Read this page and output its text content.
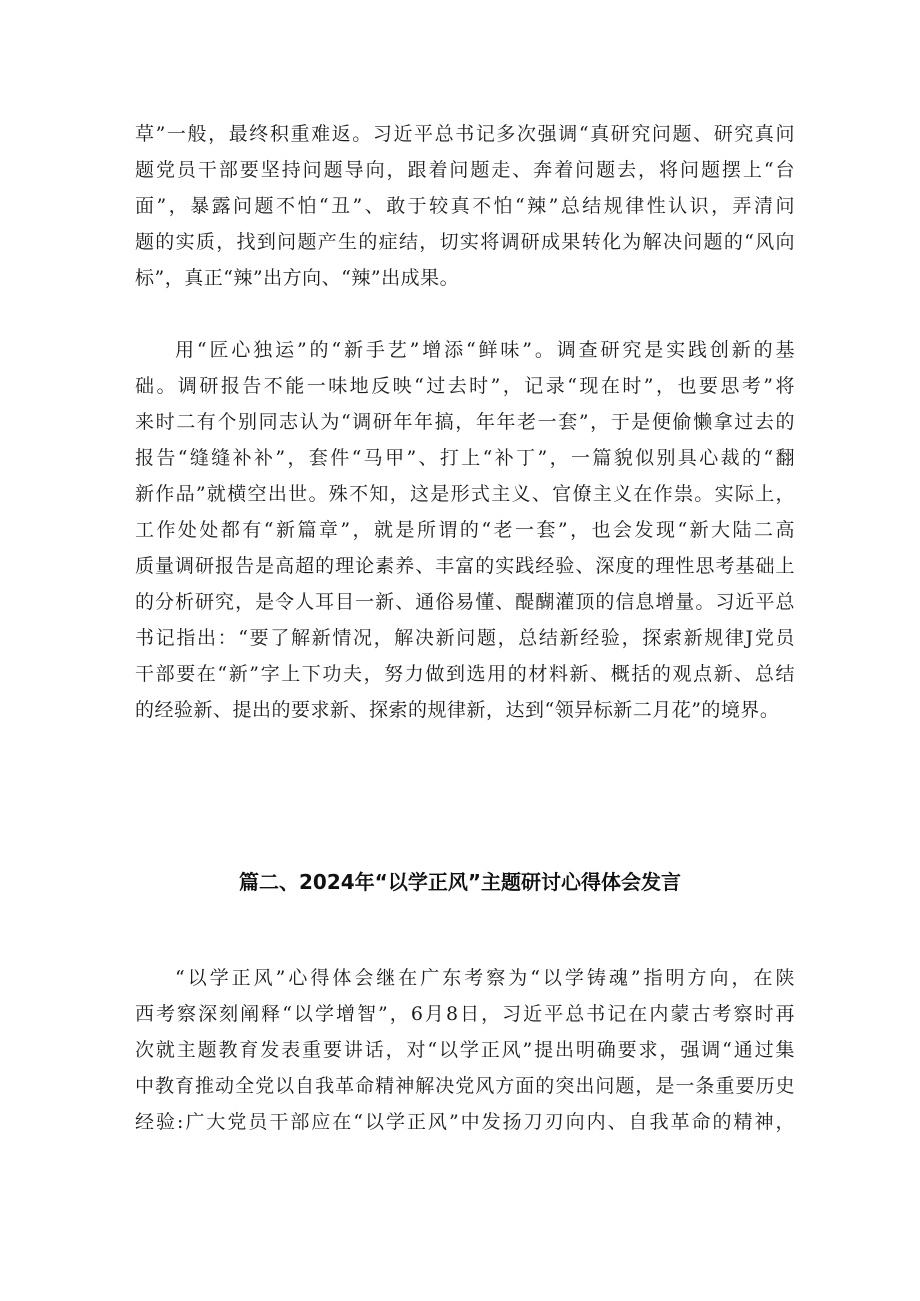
草”一般，最终积重难返。习近平总书记多次强调“真研究问题、研究真问
题党员干部要坚持问题导向，跟着问题走、奔着问题去，将问题摆上“台
面”，暴露问题不怕“丑”、敢于较真不怕“辣”总结规律性认识，弄清问
题的实质，找到问题产生的症结，切实将调研成果转化为解决问题的“风向
标”，真正“辣”出方向、“辣”出成果。
用“匠心独运”的“新手艺”增添“鲜味”。调查研究是实践创新的基
础。调研报告不能一味地反映“过去时”，记录“现在时”，也要思考”将
来时二有个别同志认为“调研年年搞，年年老一套”，于是便偷懒拿过去的
报告“缝缝补补”，套件“马甲”、打上“补丁”，一篇貌似别具心裁的“翻
新作品”就横空出世。殊不知，这是形式主义、官僚主义在作祟。实际上，
工作处处都有“新篇章”，就是所谓的“老一套”，也会发现“新大陆二高
质量调研报告是高超的理论素养、丰富的实践经验、深度的理性思考基础上
的分析研究，是令人耳目一新、通俗易懂、醍醐灌顶的信息增量。习近平总
书记指出：“要了解新情况，解决新问题，总结新经验，探索新规律J党员
干部要在“新”字上下功夫，努力做到选用的材料新、概括的观点新、总结
的经验新、提出的要求新、探索的规律新，达到“领异标新二月花”的境界。
篇二、2024年“以学正风”主题研讨心得体会发言
“以学正风”心得体会继在广东考察为“以学铸魂”指明方向，在陕
西考察深刻阐释“以学增智”，6月8日，习近平总书记在内蒙古考察时再
次就主题教育发表重要讲话，对“以学正风”提出明确要求，强调“通过集
中教育推动全党以自我革命精神解决党风方面的突出问题，是一条重要历史
经验:广大党员干部应在“以学正风”中发扬刀刃向内、自我革命的精神，
